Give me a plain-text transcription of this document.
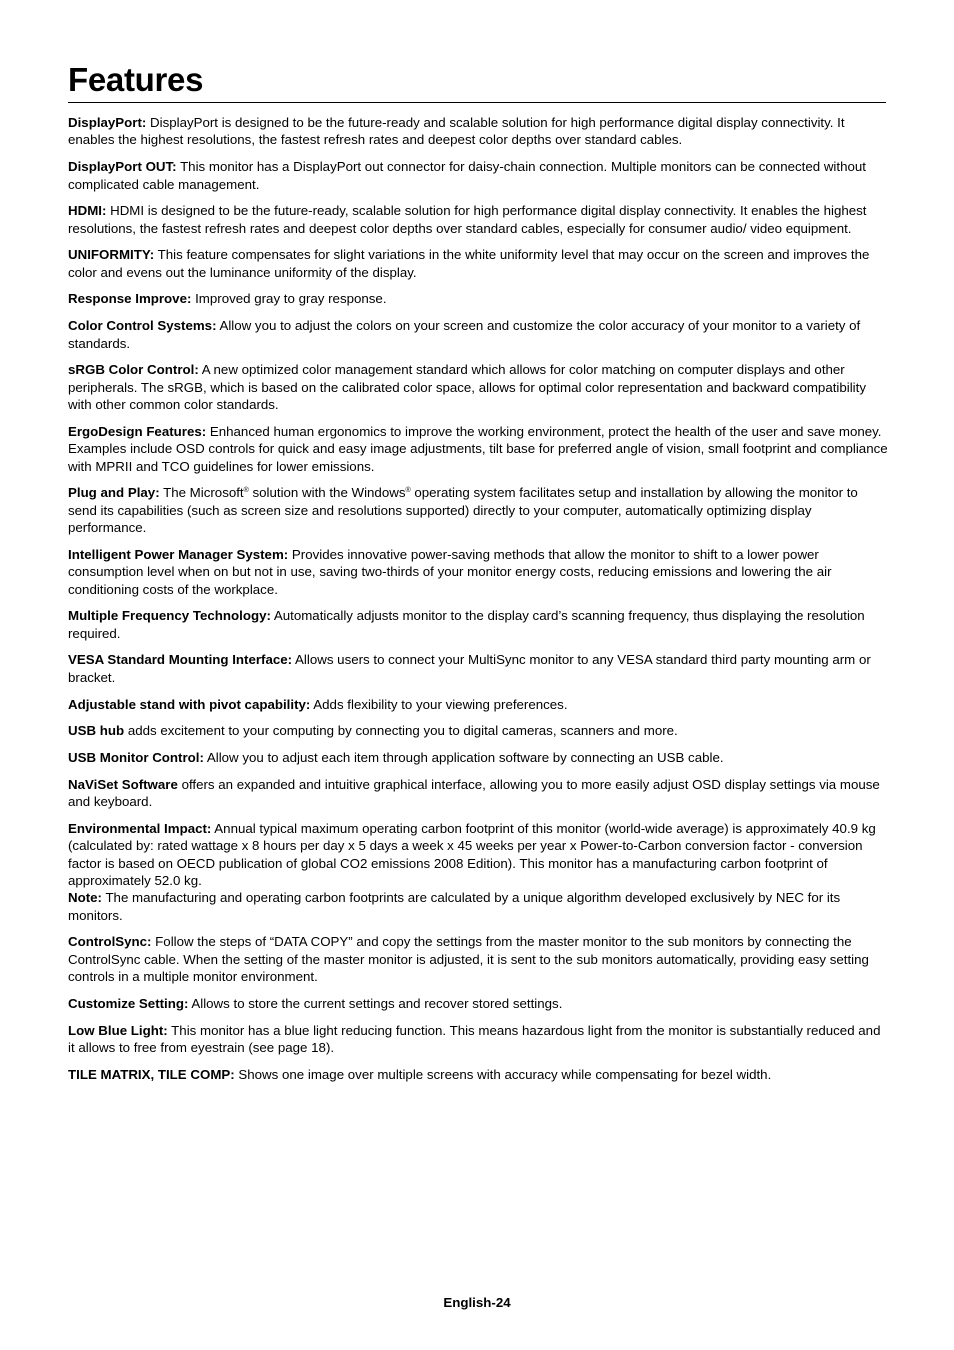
Features

DisplayPort: DisplayPort is designed to be the future-ready and scalable solution for high performance digital display connectivity. It enables the highest resolutions, the fastest refresh rates and deepest color depths over standard cables.

DisplayPort OUT: This monitor has a DisplayPort out connector for daisy-chain connection. Multiple monitors can be connected without complicated cable management.

HDMI: HDMI is designed to be the future-ready, scalable solution for high performance digital display connectivity. It enables the highest resolutions, the fastest refresh rates and deepest color depths over standard cables, especially for consumer audio/ video equipment.

UNIFORMITY: This feature compensates for slight variations in the white uniformity level that may occur on the screen and improves the color and evens out the luminance uniformity of the display.

Response Improve: Improved gray to gray response.

Color Control Systems: Allow you to adjust the colors on your screen and customize the color accuracy of your monitor to a variety of standards.

sRGB Color Control: A new optimized color management standard which allows for color matching on computer displays and other peripherals. The sRGB, which is based on the calibrated color space, allows for optimal color representation and backward compatibility with other common color standards.

ErgoDesign Features: Enhanced human ergonomics to improve the working environment, protect the health of the user and save money. Examples include OSD controls for quick and easy image adjustments, tilt base for preferred angle of vision, small footprint and compliance with MPRII and TCO guidelines for lower emissions.

Plug and Play: The Microsoft® solution with the Windows® operating system facilitates setup and installation by allowing the monitor to send its capabilities (such as screen size and resolutions supported) directly to your computer, automatically optimizing display performance.

Intelligent Power Manager System: Provides innovative power-saving methods that allow the monitor to shift to a lower power consumption level when on but not in use, saving two-thirds of your monitor energy costs, reducing emissions and lowering the air conditioning costs of the workplace.

Multiple Frequency Technology: Automatically adjusts monitor to the display card’s scanning frequency, thus displaying the resolution required.

VESA Standard Mounting Interface: Allows users to connect your MultiSync monitor to any VESA standard third party mounting arm or bracket.

Adjustable stand with pivot capability: Adds flexibility to your viewing preferences.

USB hub adds excitement to your computing by connecting you to digital cameras, scanners and more.

USB Monitor Control: Allow you to adjust each item through application software by connecting an USB cable.

NaViSet Software offers an expanded and intuitive graphical interface, allowing you to more easily adjust OSD display settings via mouse and keyboard.

Environmental Impact: Annual typical maximum operating carbon footprint of this monitor (world-wide average) is approximately 40.9 kg (calculated by: rated wattage x 8 hours per day x 5 days a week x 45 weeks per year x Power-to-Carbon conversion factor - conversion factor is based on OECD publication of global CO2 emissions 2008 Edition). This monitor has a manufacturing carbon footprint of approximately 52.0 kg.
Note: The manufacturing and operating carbon footprints are calculated by a unique algorithm developed exclusively by NEC for its monitors.

ControlSync: Follow the steps of “DATA COPY” and copy the settings from the master monitor to the sub monitors by connecting the ControlSync cable. When the setting of the master monitor is adjusted, it is sent to the sub monitors automatically, providing easy setting controls in a multiple monitor environment.

Customize Setting: Allows to store the current settings and recover stored settings.

Low Blue Light: This monitor has a blue light reducing function. This means hazardous light from the monitor is substantially reduced and it allows to free from eyestrain (see page 18).

TILE MATRIX, TILE COMP: Shows one image over multiple screens with accuracy while compensating for bezel width.

English-24
